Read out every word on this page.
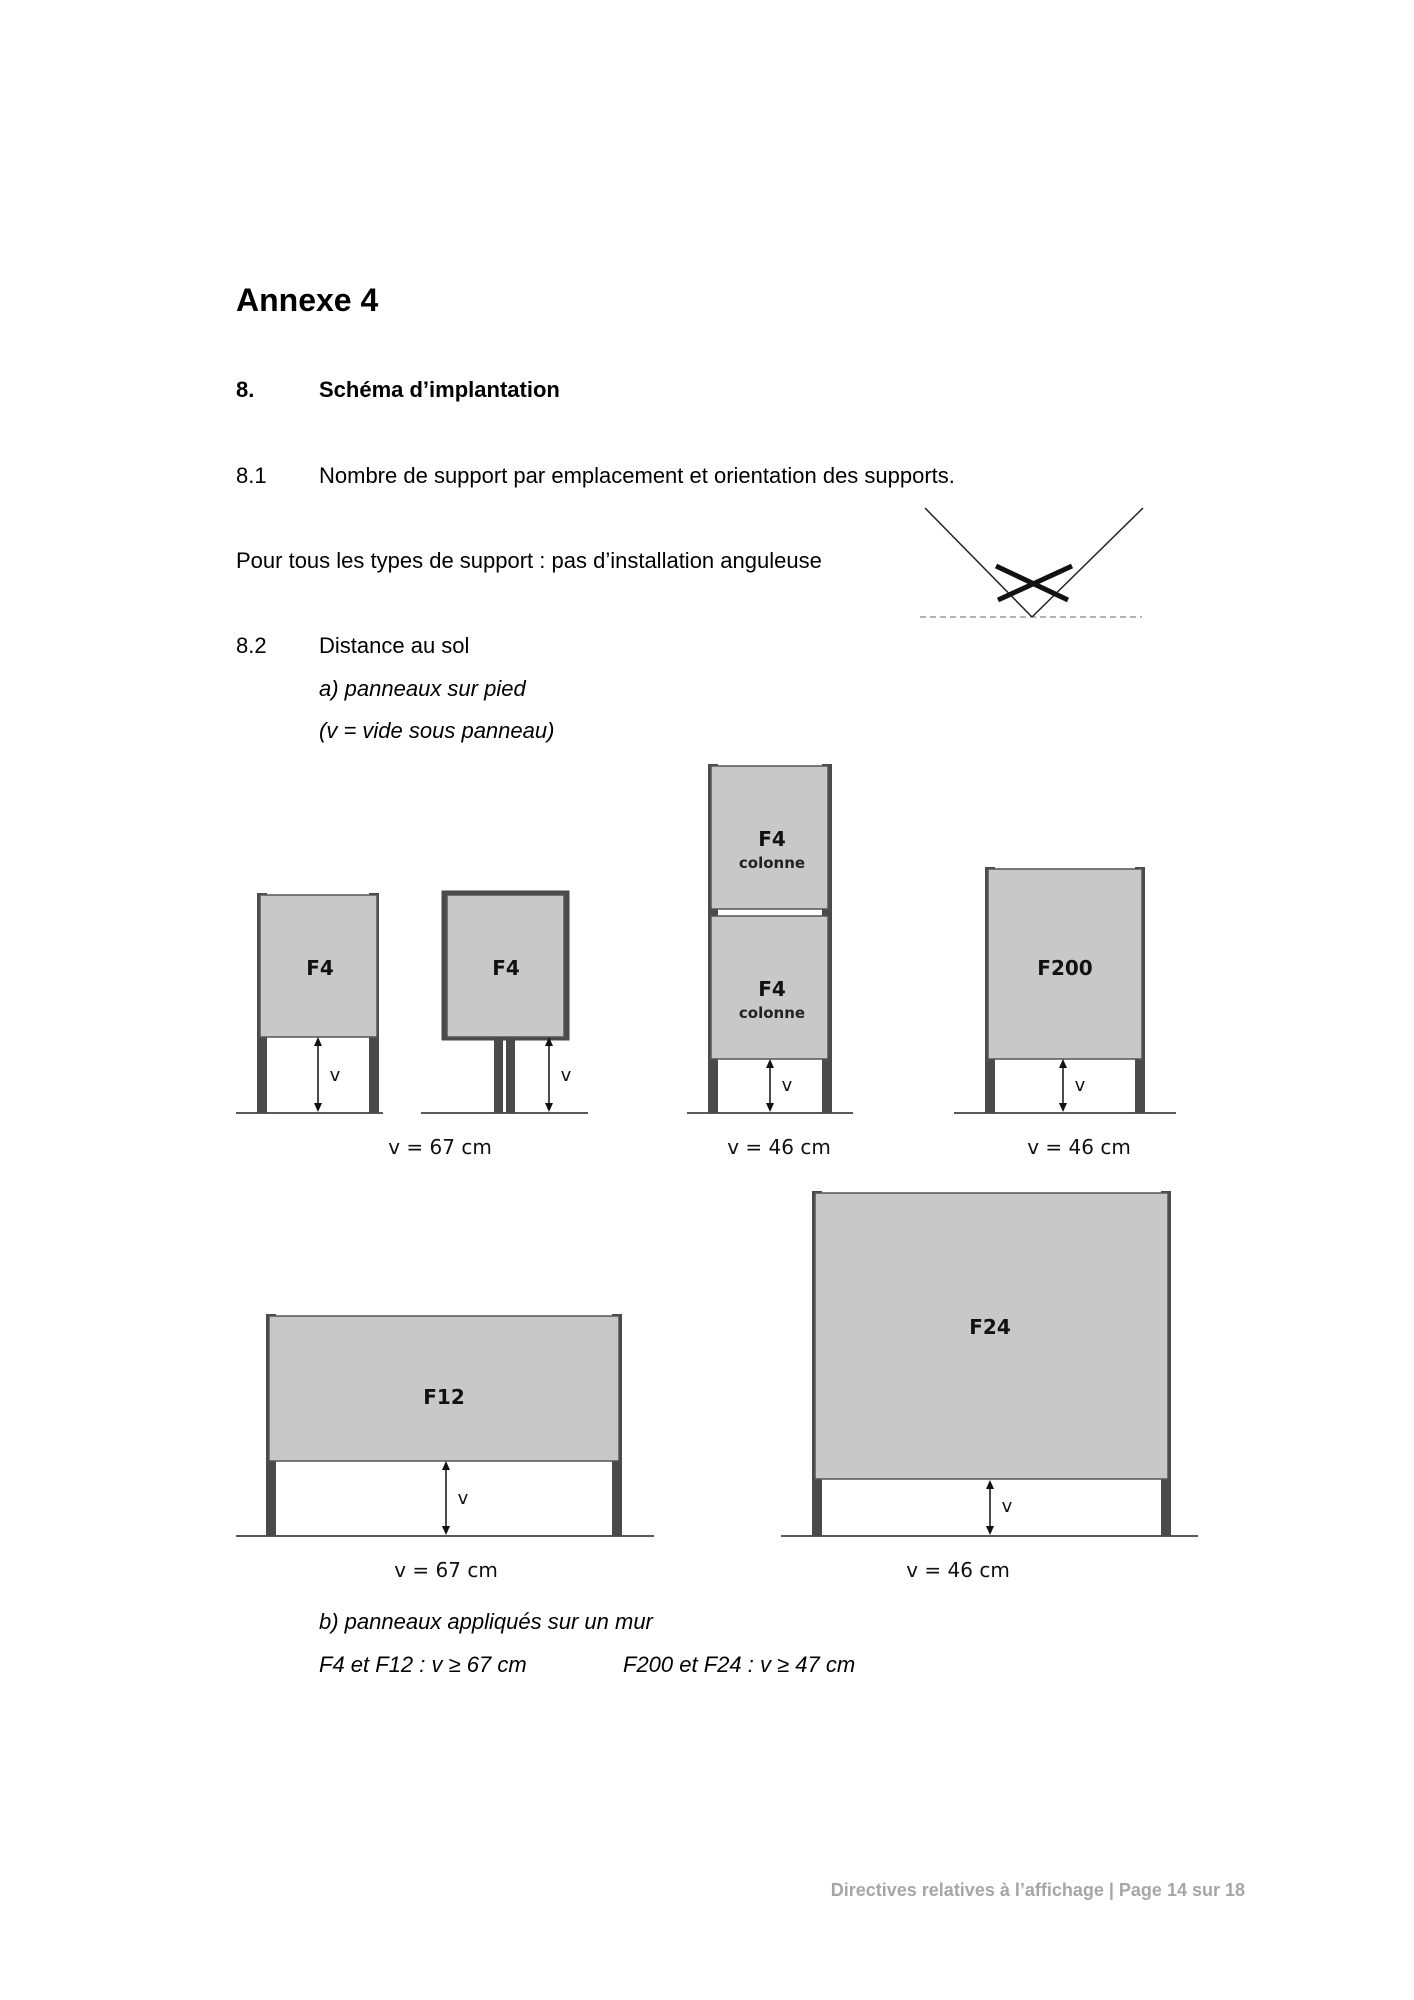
Annexe 4
8.	Schéma d’implantation
8.1 Nombre de support par emplacement et orientation des supports.
Pour tous les types de support : pas d’installation anguleuse
8.2 Distance au sol
a) panneaux sur pied
(v = vide sous panneau)
F4
v
F4
v
v = 67 cm
F4
colonne
F4
colonne
v
v = 46 cm
F200
v
v = 46 cm
F12
v
v = 67 cm
F24
v
v = 46 cm
b) panneaux appliqués sur un mur
F4 et F12 : v ≥ 67 cm	F200 et F24 : v ≥ 47 cm
Directives relatives à l’affichage | Page 14 sur 18
